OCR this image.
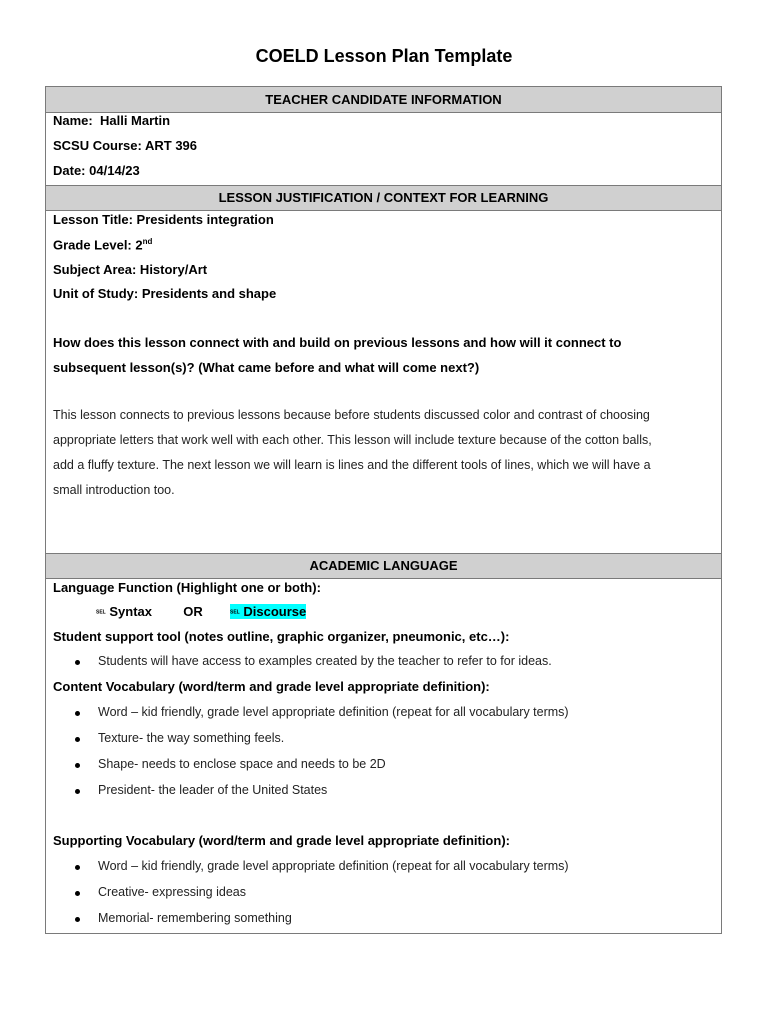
COELD Lesson Plan Template
TEACHER CANDIDATE INFORMATION
Name: Halli Martin
SCSU Course: ART 396
Date: 04/14/23
LESSON JUSTIFICATION / CONTEXT FOR LEARNING
Lesson Title: Presidents integration
Grade Level: 2nd
Subject Area: History/Art
Unit of Study: Presidents and shape
How does this lesson connect with and build on previous lessons and how will it connect to
subsequent lesson(s)? (What came before and what will come next?)
This lesson connects to previous lessons because before students discussed color and contrast of choosing
appropriate letters that work well with each other. This lesson will include texture because of the cotton balls,
add a fluffy texture. The next lesson we will learn is lines and the different tools of lines, which we will have a
small introduction too.
ACADEMIC LANGUAGE
Language Function (Highlight one or both):
SEL Syntax OR	SEL Discourse
Student support tool (notes outline, graphic organizer, pneumonic, etc…):
Students will have access to examples created by the teacher to refer to for ideas.
Content Vocabulary (word/term and grade level appropriate definition):
Word – kid friendly, grade level appropriate definition (repeat for all vocabulary terms)
Texture- the way something feels.
Shape- needs to enclose space and needs to be 2D
President- the leader of the United States
Supporting Vocabulary (word/term and grade level appropriate definition):
Word – kid friendly, grade level appropriate definition (repeat for all vocabulary terms)
Creative- expressing ideas
Memorial- remembering something
